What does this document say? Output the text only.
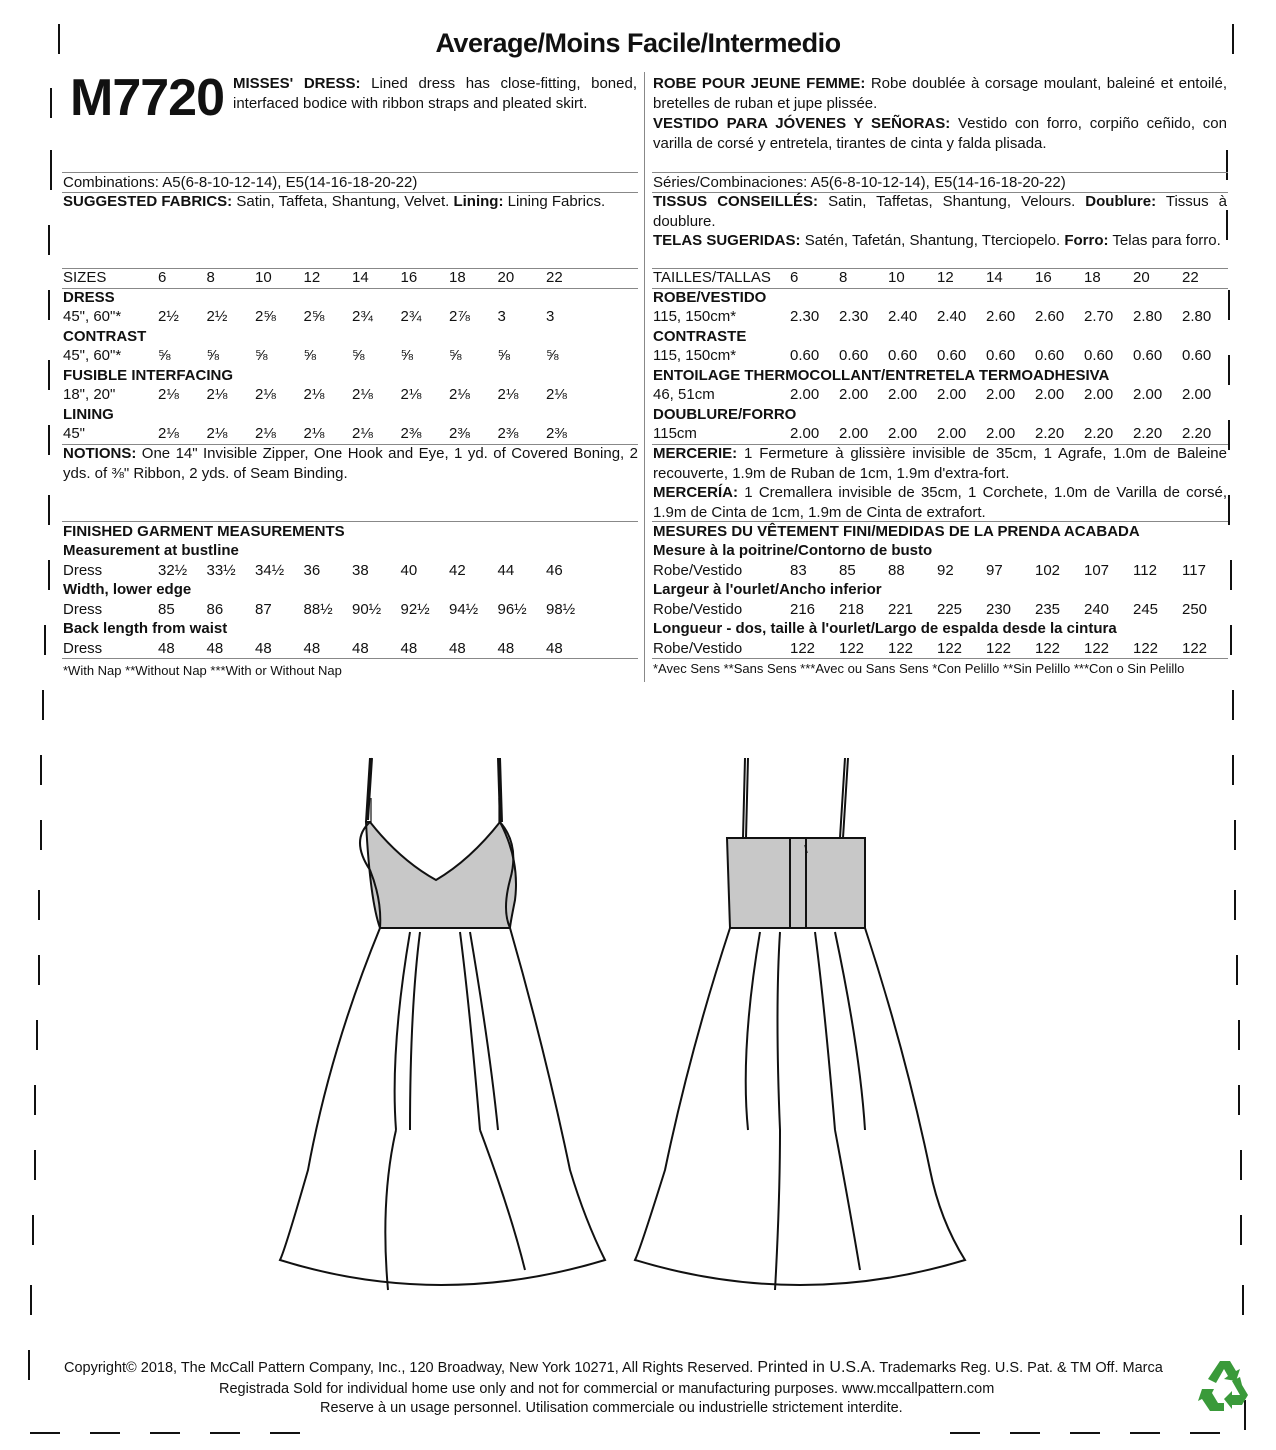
Average/Moins Facile/Intermedio
M7720 MISSES' DRESS: Lined dress has close-fitting, boned, interfaced bodice with ribbon straps and pleated skirt.
ROBE POUR JEUNE FEMME: Robe doublée à corsage moulant, baleiné et entoilé, bretelles de ruban et jupe plissée.
VESTIDO PARA JÓVENES Y SEÑORAS: Vestido con forro, corpiño ceñido, con varilla de corsé y entretela, tirantes de cinta y falda plisada.
Combinations: A5(6-8-10-12-14), E5(14-16-18-20-22)	Séries/Combinaciones: A5(6-8-10-12-14), E5(14-16-18-20-22)
SUGGESTED FABRICS: Satin, Taffeta, Shantung, Velvet. Lining: Lining Fabrics.	TISSUS CONSEILLÉS: Satin, Taffetas, Shantung, Velours. Doublure: Tissus à doublure.
TELAS SUGERIDAS: Satén, Tafetán, Shantung, Tterciopelo. Forro: Telas para forro.
SIZES	6	8	10 12 14 16 18 20 22
DRESS
45", 60"* 2½ 2½ 2⅝ 2⅝ 2¾ 2¾ 2⅞ 3	3
CONTRAST
45", 60"* ⅝ ⅝ ⅝ ⅝ ⅝ ⅝ ⅝ ⅝ ⅝
FUSIBLE INTERFACING
18", 20"	2⅛ 2⅛ 2⅛ 2⅛ 2⅛ 2⅛ 2⅛ 2⅛ 2⅛
LINING
45"	2⅛ 2⅛ 2⅛ 2⅛ 2⅛ 2⅜ 2⅜ 2⅜ 2⅜
TAILLES/TALLAS 6	8	10 12 14 16 18 20 22
ROBE/VESTIDO
115, 150cm*	2.30 2.30 2.40 2.40 2.60 2.60 2.70 2.80 2.80
CONTRASTE
115, 150cm*	0.60 0.60 0.60 0.60 0.60 0.60 0.60 0.60 0.60
ENTOILAGE THERMOCOLLANT/ENTRETELA TERMOADHESIVA
46, 51cm	2.00 2.00 2.00 2.00 2.00 2.00 2.00 2.00 2.00
DOUBLURE/FORRO
115cm	2.00 2.00 2.00 2.00 2.00 2.20 2.20 2.20 2.20
NOTIONS: One 14" Invisible Zipper, One Hook and Eye, 1 yd. of Covered Boning, 2 yds. of ⅜" Ribbon, 2 yds. of Seam Binding.
MERCERIE: 1 Fermeture à glissière invisible de 35cm, 1 Agrafe, 1.0m de Baleine recouverte, 1.9m de Ruban de 1cm, 1.9m d'extra-fort.
MERCERÍA: 1 Cremallera invisible de 35cm, 1 Corchete, 1.0m de Varilla de corsé, 1.9m de Cinta de 1cm, 1.9m de Cinta de extrafort.
FINISHED GARMENT MEASUREMENTS	MESURES DU VÊTEMENT FINI/MEDIDAS DE LA PRENDA ACABADA
Measurement at bustline
Dress	32½ 33½ 34½ 36 38 40 42 44 46
Width, lower edge
Dress	85 86 87 88½ 90½ 92½ 94½ 96½ 98½
Back length from waist
Dress	48 48 48 48 48 48 48 48 48
Mesure à la poitrine/Contorno de busto
Robe/Vestido	83 85 88 92 97 102 107 112 117
Largeur à l'ourlet/Ancho inferior
Robe/Vestido	216 218 221 225 230 235 240 245 250
Longueur - dos, taille à l'ourlet/Largo de espalda desde la cintura
Robe/Vestido	122 122 122 122 122 122 122 122 122
*With Nap **Without Nap ***With or Without Nap	*Avec Sens **Sans Sens ***Avec ou Sans Sens *Con Pelillo **Sin Pelillo ***Con o Sin Pelillo
Copyright© 2018, The McCall Pattern Company, Inc., 120 Broadway, New York 10271, All Rights Reserved. Printed in U.S.A. Trademarks Reg. U.S. Pat. & TM Off. Marca
Registrada Sold for individual home use only and not for commercial or manufacturing purposes. www.mccallpattern.com
Reserve à un usage personnel. Utilisation commerciale ou industrielle strictement interdite.
